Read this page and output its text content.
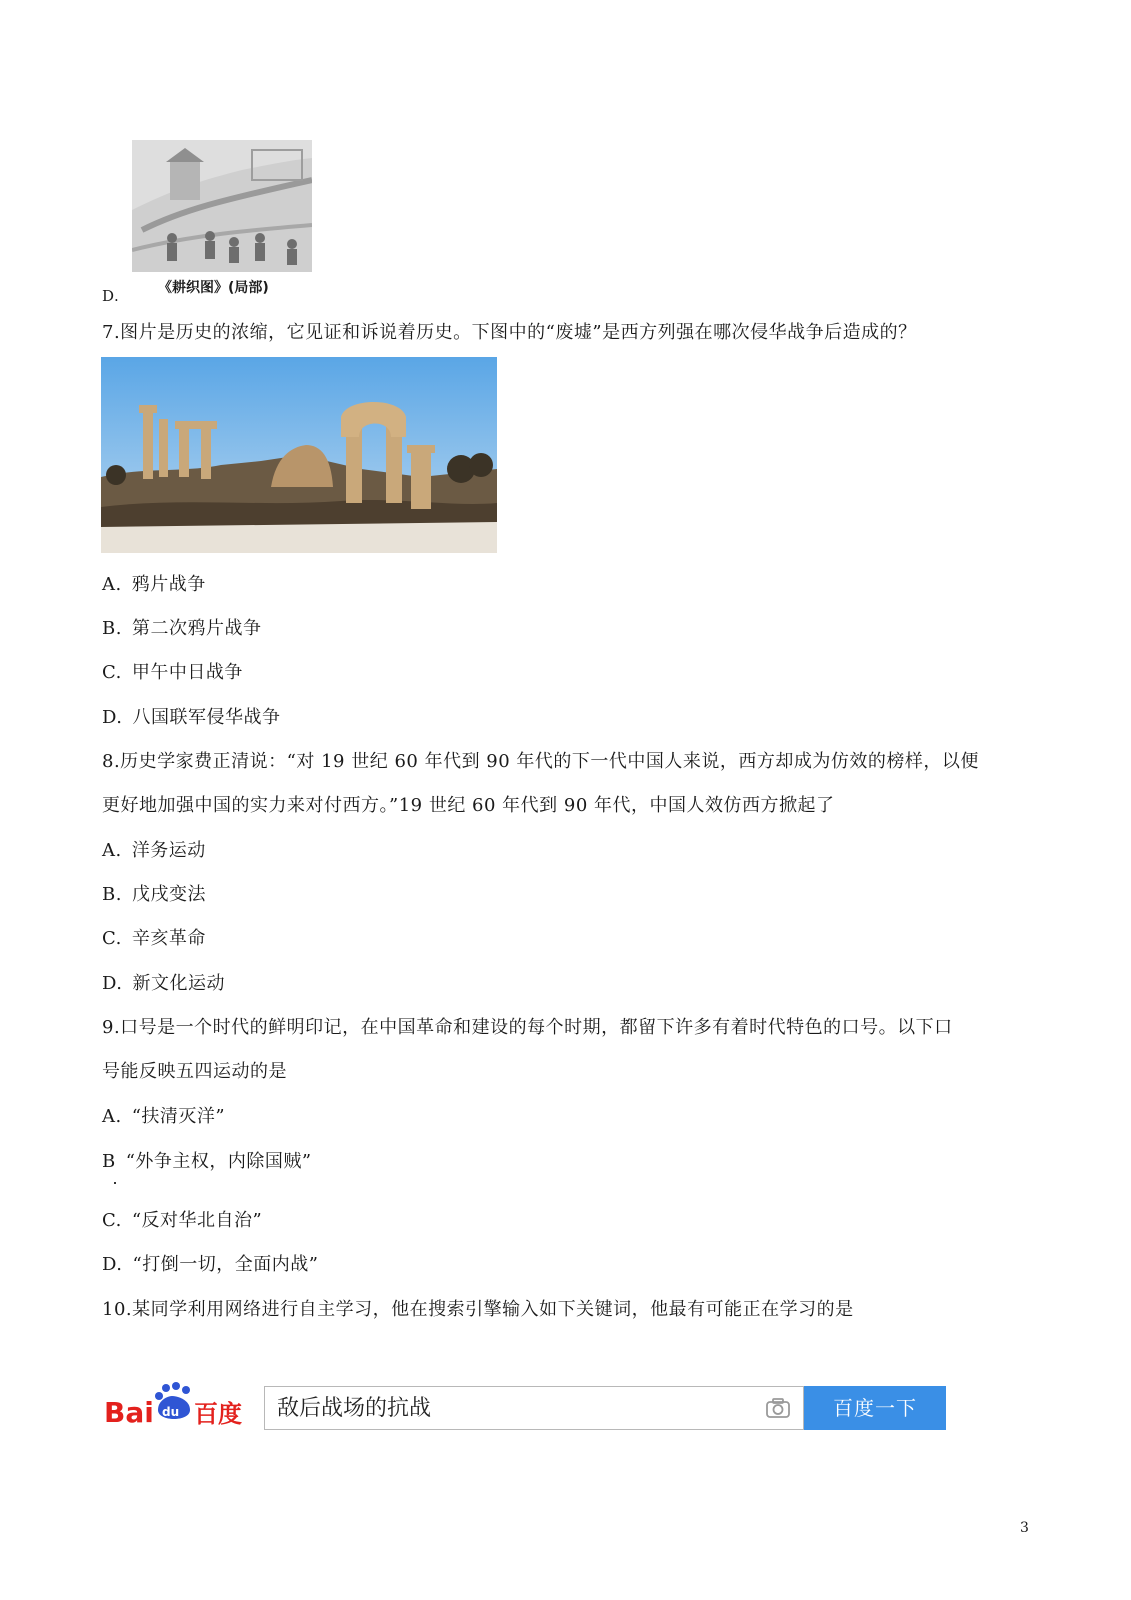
《耕织图》(局部)
D.
7.图片是历史的浓缩，它见证和诉说着历史。下图中的“废墟”是西方列强在哪次侵华战争后造成的？
A. 鸦片战争
B. 第二次鸦片战争
C. 甲午中日战争
D. 八国联军侵华战争
8.历史学家费正清说：“对 19 世纪 60 年代到 90 年代的下一代中国人来说，西方却成为仿效的榜样，以便
更好地加强中国的实力来对付西方。”19 世纪 60 年代到 90 年代，中国人效仿西方掀起了
A. 洋务运动
B. 戊戌变法
C. 辛亥革命
D. 新文化运动
9.口号是一个时代的鲜明印记，在中国革命和建设的每个时期，都留下许多有着时代特色的口号。以下口
号能反映五四运动的是
A. “扶清灭洋”
B “外争主权，内除国贼”
C. “反对华北自治”
D. “打倒一切，全面内战”
10.某同学利用网络进行自主学习，他在搜索引擎输入如下关键词，他最有可能正在学习的是
Bai du 百度 敌后战场的抗战	百度一下
3
